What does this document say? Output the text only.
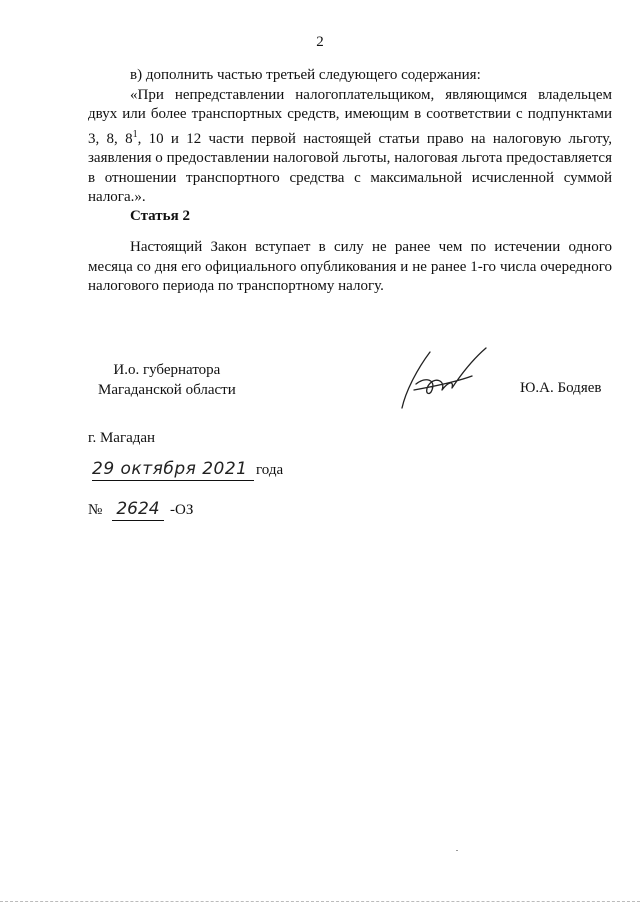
2

в) дополнить частью третьей следующего содержания:

«При непредставлении налогоплательщиком, являющимся владельцем двух или более транспортных средств, имеющим в соответствии с подпунктами 3, 8, $8^1$, 10 и 12 части первой настоящей статьи право на налоговую льготу, заявления о предоставлении налоговой льготы, налоговая льгота предоставляется в отношении транспортного средства с максимальной исчисленной суммой налога.».

Статья 2

Настоящий Закон вступает в силу не ранее чем по истечении одного месяца со дня его официального опубликования и не ранее 1-го числа очередного налогового периода по транспортному налогу.

И.о. губернатора
Магаданской области	Ю.А. Бодяев
г. Магадан
29 октября 2021 года
№ 2624 -ОЗ
